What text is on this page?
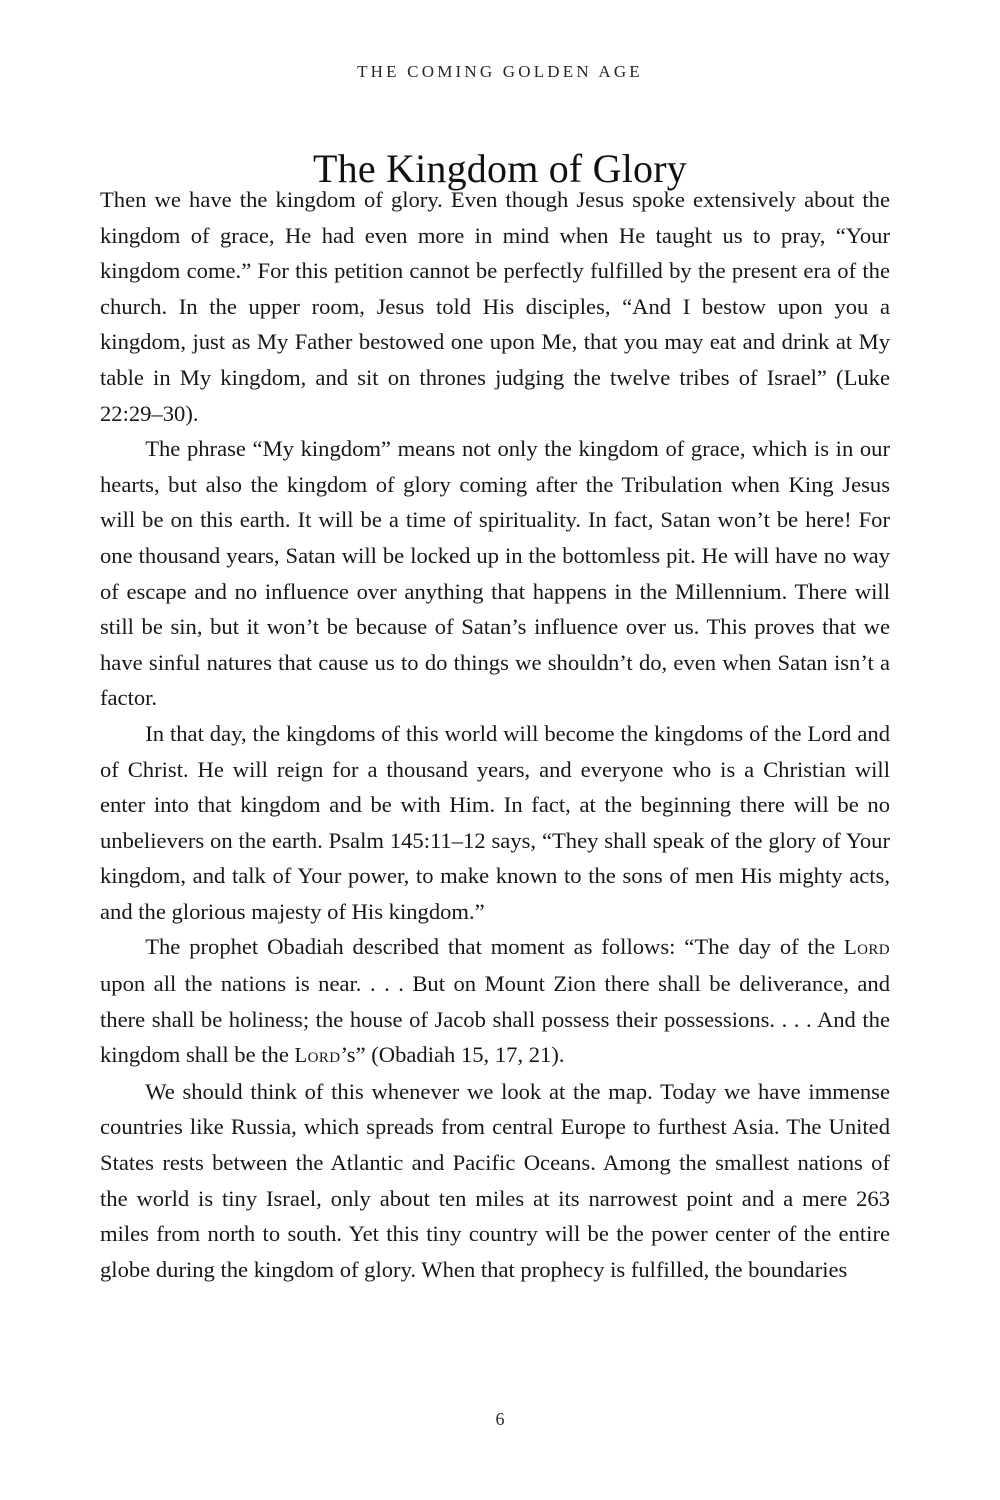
THE COMING GOLDEN AGE
The Kingdom of Glory

Then we have the kingdom of glory. Even though Jesus spoke extensively about the kingdom of grace, He had even more in mind when He taught us to pray, “Your kingdom come.” For this petition cannot be perfectly fulfilled by the present era of the church. In the upper room, Jesus told His disciples, “And I bestow upon you a kingdom, just as My Father bestowed one upon Me, that you may eat and drink at My table in My kingdom, and sit on thrones judging the twelve tribes of Israel” (Luke 22:29–30).

The phrase “My kingdom” means not only the kingdom of grace, which is in our hearts, but also the kingdom of glory coming after the Tribulation when King Jesus will be on this earth. It will be a time of spirituality. In fact, Satan won’t be here! For one thousand years, Satan will be locked up in the bottomless pit. He will have no way of escape and no influence over anything that happens in the Millennium. There will still be sin, but it won’t be because of Satan’s influence over us. This proves that we have sinful natures that cause us to do things we shouldn’t do, even when Satan isn’t a factor.

In that day, the kingdoms of this world will become the kingdoms of the Lord and of Christ. He will reign for a thousand years, and everyone who is a Christian will enter into that kingdom and be with Him. In fact, at the beginning there will be no unbelievers on the earth. Psalm 145:11–12 says, “They shall speak of the glory of Your kingdom, and talk of Your power, to make known to the sons of men His mighty acts, and the glorious majesty of His kingdom.”

The prophet Obadiah described that moment as follows: “The day of the Lord upon all the nations is near. . . . But on Mount Zion there shall be deliverance, and there shall be holiness; the house of Jacob shall possess their possessions. . . . And the kingdom shall be the Lord’s” (Obadiah 15, 17, 21).

We should think of this whenever we look at the map. Today we have immense countries like Russia, which spreads from central Europe to furthest Asia. The United States rests between the Atlantic and Pacific Oceans. Among the smallest nations of the world is tiny Israel, only about ten miles at its narrowest point and a mere 263 miles from north to south. Yet this tiny country will be the power center of the entire globe during the kingdom of glory. When that prophecy is fulfilled, the boundaries

6
